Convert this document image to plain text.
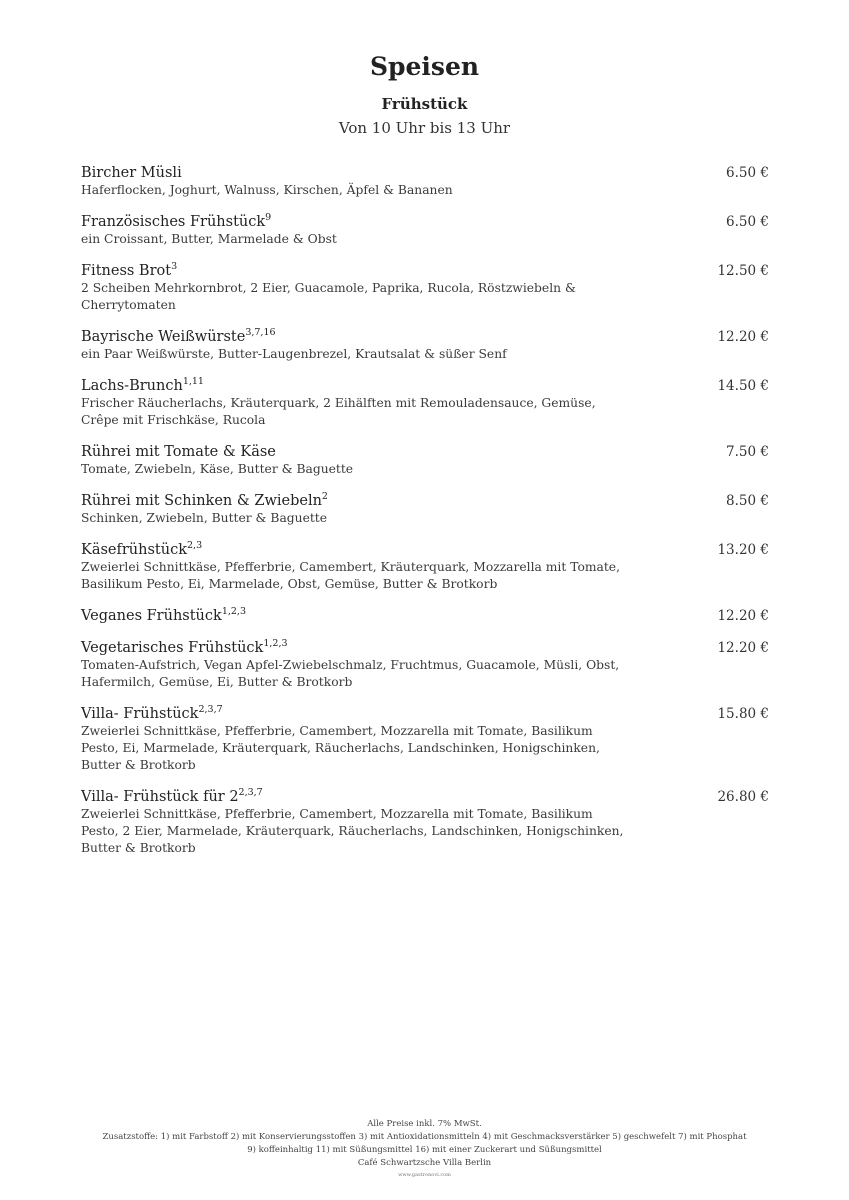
Speisen
Frühstück
Von 10 Uhr bis 13 Uhr
Bircher Müsli	6.50 €
Haferflocken, Joghurt, Walnuss, Kirschen, Äpfel & Bananen
Französisches Frühstück$^9$	6.50 €
ein Croissant, Butter, Marmelade & Obst
Fitness Brot$^3$	12.50 €
2 Scheiben Mehrkornbrot, 2 Eier, Guacamole, Paprika, Rucola, Röstzwiebeln &
Cherrytomaten
Bayrische Weißwürste$^{3,7,16}$	12.20 €
ein Paar Weißwürste, Butter-Laugenbrezel, Krautsalat & süßer Senf
Lachs-Brunch$^{1,11}$	14.50 €
Frischer Räucherlachs, Kräuterquark, 2 Eihälften mit Remouladensauce, Gemüse,
Crêpe mit Frischkäse, Rucola
Rührei mit Tomate & Käse	7.50 €
Tomate, Zwiebeln, Käse, Butter & Baguette
Rührei mit Schinken & Zwiebeln$^2$	8.50 €
Schinken, Zwiebeln, Butter & Baguette
Käsefrühstück$^{2,3}$	13.20 €
Zweierlei Schnittkäse, Pfefferbrie, Camembert, Kräuterquark, Mozzarella mit Tomate,
Basilikum Pesto, Ei, Marmelade, Obst, Gemüse, Butter & Brotkorb
Veganes Frühstück$^{1,2,3}$	12.20 €
Vegetarisches Frühstück$^{1,2,3}$	12.20 €
Tomaten-Aufstrich, Vegan Apfel-Zwiebelschmalz, Fruchtmus, Guacamole, Müsli, Obst,
Hafermilch, Gemüse, Ei, Butter & Brotkorb
Villa- Frühstück$^{2,3,7}$	15.80 €
Zweierlei Schnittkäse, Pfefferbrie, Camembert, Mozzarella mit Tomate, Basilikum
Pesto, Ei, Marmelade, Kräuterquark, Räucherlachs, Landschinken, Honigschinken,
Butter & Brotkorb
Villa- Frühstück für 2$^{2,3,7}$	26.80 €
Zweierlei Schnittkäse, Pfefferbrie, Camembert, Mozzarella mit Tomate, Basilikum
Pesto, 2 Eier, Marmelade, Kräuterquark, Räucherlachs, Landschinken, Honigschinken,
Butter & Brotkorb
Alle Preise inkl. 7% MwSt.
Zusatzstoffe: 1) mit Farbstoff 2) mit Konservierungsstoffen 3) mit Antioxidationsmitteln 4) mit Geschmacksverstärker 5) geschwefelt 7) mit Phosphat
9) koffeinhaltig 11) mit Süßungsmittel 16) mit einer Zuckerart und Süßungsmittel
Café Schwartzsche Villa Berlin
www.gastronovi.com
